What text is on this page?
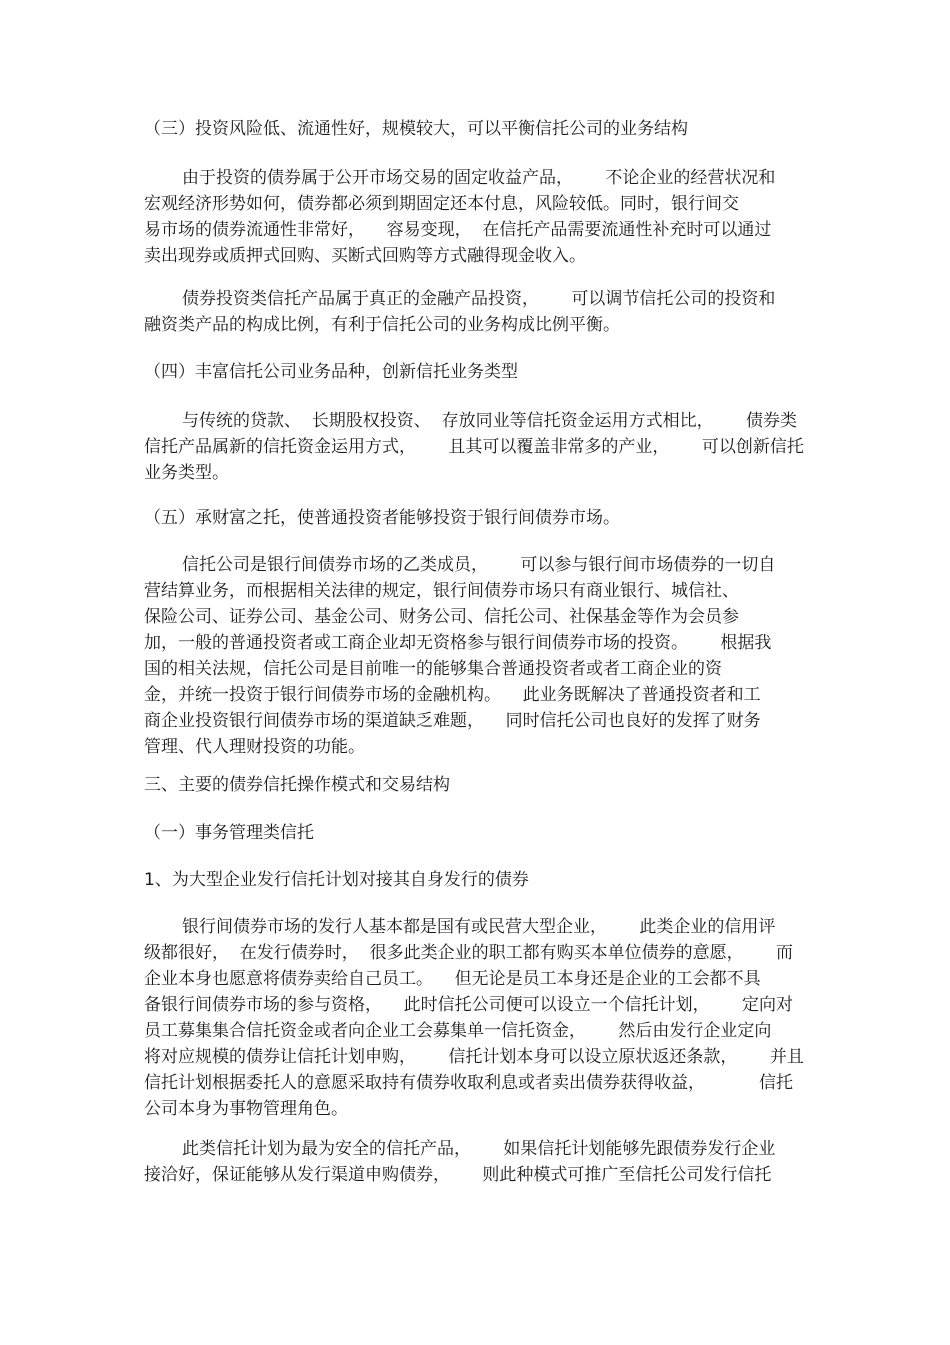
（三）投资风险低、流通性好，规模较大，可以平衡信托公司的业务结构

由于投资的债券属于公开市场交易的固定收益产品，      不论企业的经营状况和
宏观经济形势如何，债券都必须到期固定还本付息，风险较低。同时，银行间交
易市场的债券流通性非常好，    容易变现，  在信托产品需要流通性补充时可以通过
卖出现券或质押式回购、买断式回购等方式融得现金收入。

债券投资类信托产品属于真正的金融产品投资，      可以调节信托公司的投资和
融资类产品的构成比例，有利于信托公司的业务构成比例平衡。

（四）丰富信托公司业务品种，创新信托业务类型

与传统的贷款、  长期股权投资、  存放同业等信托资金运用方式相比，      债券类
信托产品属新的信托资金运用方式，      且其可以覆盖非常多的产业，      可以创新信托
业务类型。

（五）承财富之托，使普通投资者能够投资于银行间债券市场。

信托公司是银行间债券市场的乙类成员，      可以参与银行间市场债券的一切自
营结算业务，而根据相关法律的规定，银行间债券市场只有商业银行、城信社、
保险公司、证券公司、基金公司、财务公司、信托公司、社保基金等作为会员参
加，一般的普通投资者或工商企业却无资格参与银行间债券市场的投资。      根据我
国的相关法规，信托公司是目前唯一的能够集合普通投资者或者工商企业的资
金，并统一投资于银行间债券市场的金融机构。    此业务既解决了普通投资者和工
商企业投资银行间债券市场的渠道缺乏难题，    同时信托公司也良好的发挥了财务
管理、代人理财投资的功能。

三、主要的债券信托操作模式和交易结构

（一）事务管理类信托

1、为大型企业发行信托计划对接其自身发行的债券

银行间债券市场的发行人基本都是国有或民营大型企业，      此类企业的信用评
级都很好，  在发行债券时，  很多此类企业的职工都有购买本单位债券的意愿，      而
企业本身也愿意将债券卖给自己员工。    但无论是员工本身还是企业的工会都不具
备银行间债券市场的参与资格，    此时信托公司便可以设立一个信托计划，      定向对
员工募集集合信托资金或者向企业工会募集单一信托资金，      然后由发行企业定向
将对应规模的债券让信托计划申购，      信托计划本身可以设立原状返还条款，      并且
信托计划根据委托人的意愿采取持有债券收取利息或者卖出债券获得收益，          信托
公司本身为事物管理角色。

此类信托计划为最为安全的信托产品，      如果信托计划能够先跟债券发行企业
接洽好，保证能够从发行渠道申购债券，      则此种模式可推广至信托公司发行信托
